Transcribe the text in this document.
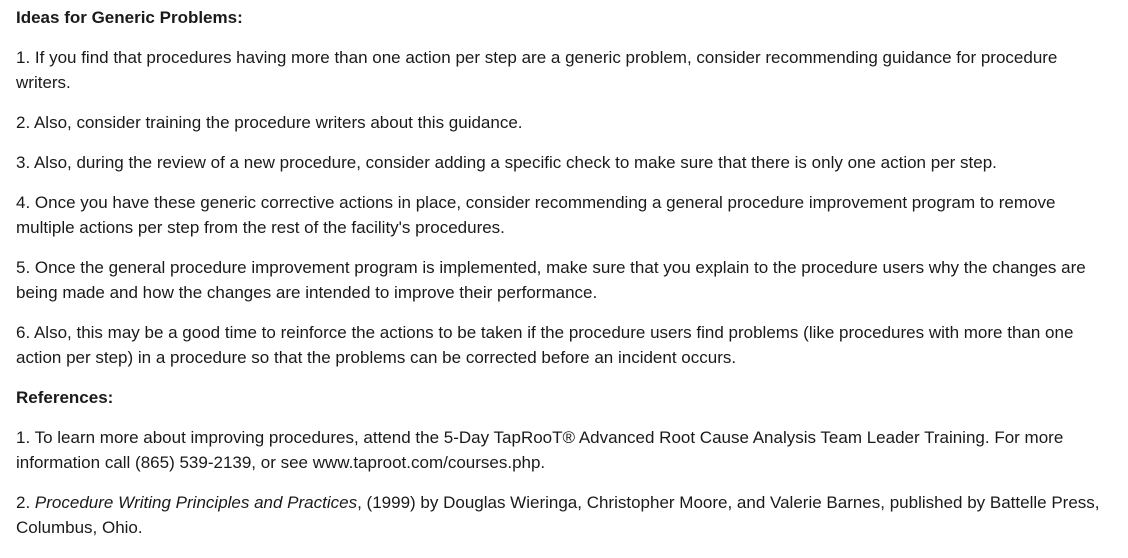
Ideas for Generic Problems:
1. If you find that procedures having more than one action per step are a generic problem, consider recommending guidance for procedure writers.
2. Also, consider training the procedure writers about this guidance.
3. Also, during the review of a new procedure, consider adding a specific check to make sure that there is only one action per step.
4. Once you have these generic corrective actions in place, consider recommending a general procedure improvement program to remove multiple actions per step from the rest of the facility's procedures.
5. Once the general procedure improvement program is implemented, make sure that you explain to the procedure users why the changes are being made and how the changes are intended to improve their performance.
6. Also, this may be a good time to reinforce the actions to be taken if the procedure users find problems (like procedures with more than one action per step) in a procedure so that the problems can be corrected before an incident occurs.
References:
1. To learn more about improving procedures, attend the 5-Day TapRooT® Advanced Root Cause Analysis Team Leader Training. For more information call (865) 539-2139, or see www.taproot.com/courses.php.
2. Procedure Writing Principles and Practices, (1999) by Douglas Wieringa, Christopher Moore, and Valerie Barnes, published by Battelle Press, Columbus, Ohio.
